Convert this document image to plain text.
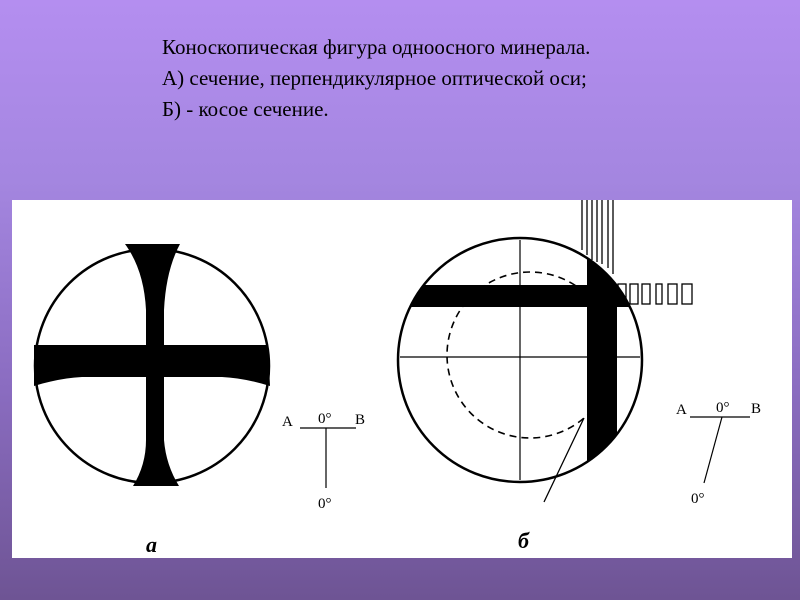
Коноскопическая фигура одноосного минерала.
А) сечение, перпендикулярное оптической оси;
Б) - косое сечение.
A 0° B
0°
а
A 0° B
0°
б
